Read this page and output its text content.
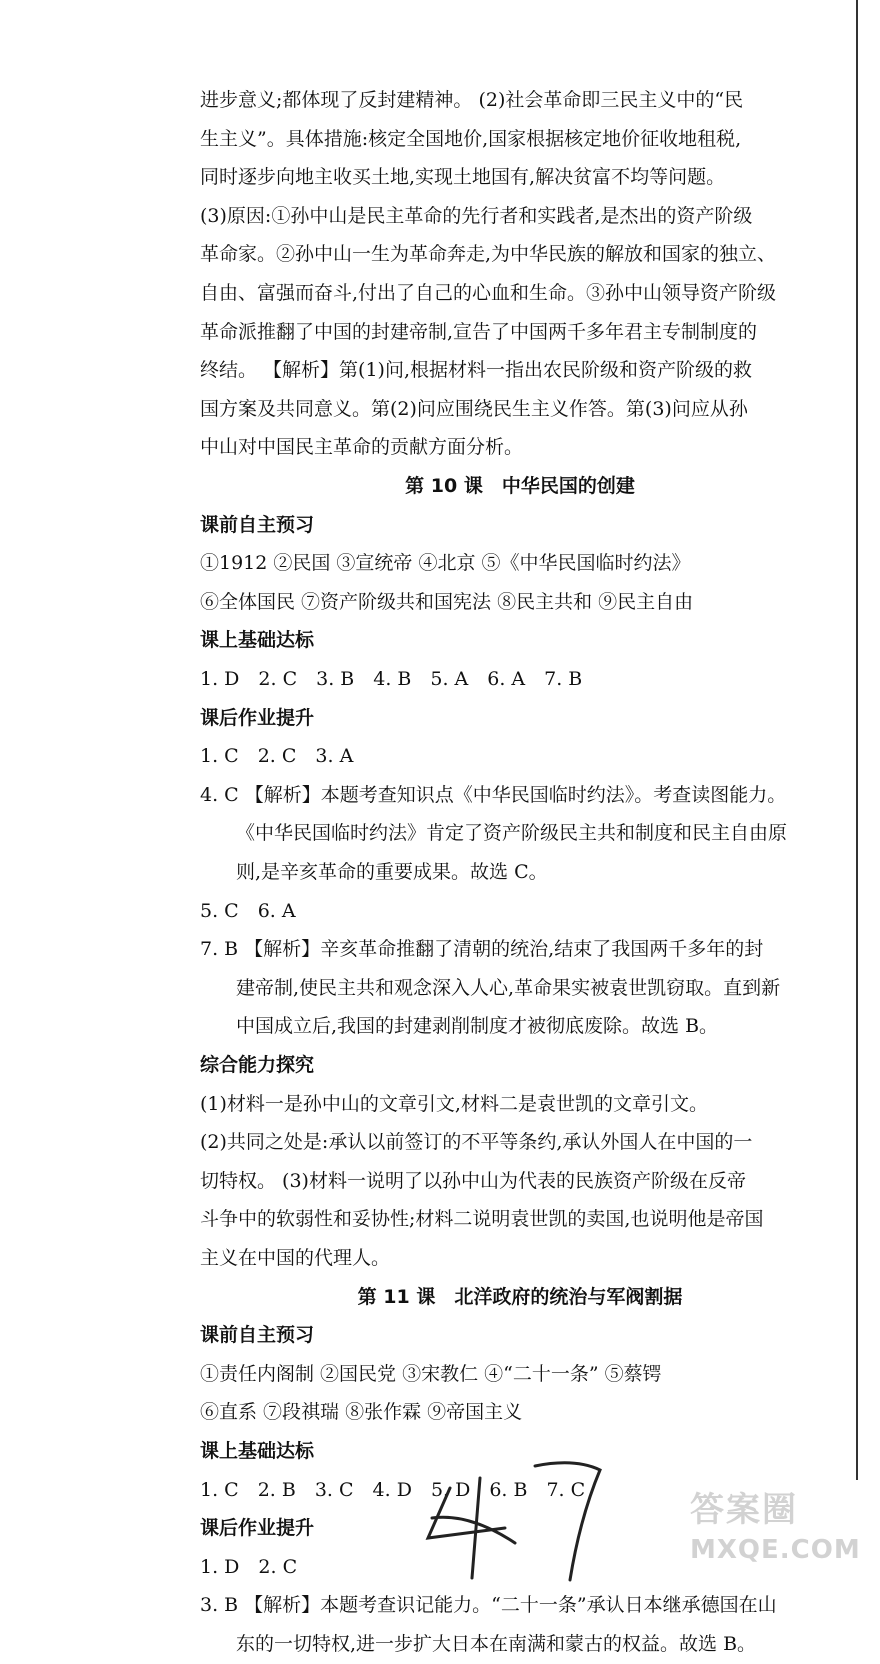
进步意义;都体现了反封建精神。 (2)社会革命即三民主义中的“民
生主义”。具体措施:核定全国地价,国家根据核定地价征收地租税,
同时逐步向地主收买土地,实现土地国有,解决贫富不均等问题。
(3)原因:①孙中山是民主革命的先行者和实践者,是杰出的资产阶级
革命家。②孙中山一生为革命奔走,为中华民族的解放和国家的独立、
自由、富强而奋斗,付出了自己的心血和生命。③孙中山领导资产阶级
革命派推翻了中国的封建帝制,宣告了中国两千多年君主专制制度的
终结。 【解析】第(1)问,根据材料一指出农民阶级和资产阶级的救
国方案及共同意义。第(2)问应围绕民生主义作答。第(3)问应从孙
中山对中国民主革命的贡献方面分析。
第 10 课　中华民国的创建
课前自主预习
①1912 ②民国 ③宣统帝 ④北京 ⑤《中华民国临时约法》
⑥全体国民 ⑦资产阶级共和国宪法 ⑧民主共和 ⑨民主自由
课上基础达标
1. D　2. C　3. B　4. B　5. A　6. A　7. B
课后作业提升
1. C　2. C　3. A
4. C 【解析】本题考查知识点《中华民国临时约法》。考查读图能力。
《中华民国临时约法》肯定了资产阶级民主共和制度和民主自由原
则,是辛亥革命的重要成果。故选 C。
5. C　6. A
7. B 【解析】辛亥革命推翻了清朝的统治,结束了我国两千多年的封
建帝制,使民主共和观念深入人心,革命果实被袁世凯窃取。直到新
中国成立后,我国的封建剥削制度才被彻底废除。故选 B。
综合能力探究
(1)材料一是孙中山的文章引文,材料二是袁世凯的文章引文。
(2)共同之处是:承认以前签订的不平等条约,承认外国人在中国的一
切特权。 (3)材料一说明了以孙中山为代表的民族资产阶级在反帝
斗争中的软弱性和妥协性;材料二说明袁世凯的卖国,也说明他是帝国
主义在中国的代理人。
第 11 课　北洋政府的统治与军阀割据
课前自主预习
①责任内阁制 ②国民党 ③宋教仁 ④“二十一条” ⑤蔡锷
⑥直系 ⑦段祺瑞 ⑧张作霖 ⑨帝国主义
课上基础达标
1. C　2. B　3. C　4. D　5. D　6. B　7. C
课后作业提升
1. D　2. C
3. B 【解析】本题考查识记能力。“二十一条”承认日本继承德国在山
东的一切特权,进一步扩大日本在南满和蒙古的权益。故选 B。
答案圈
MXQE.COM
